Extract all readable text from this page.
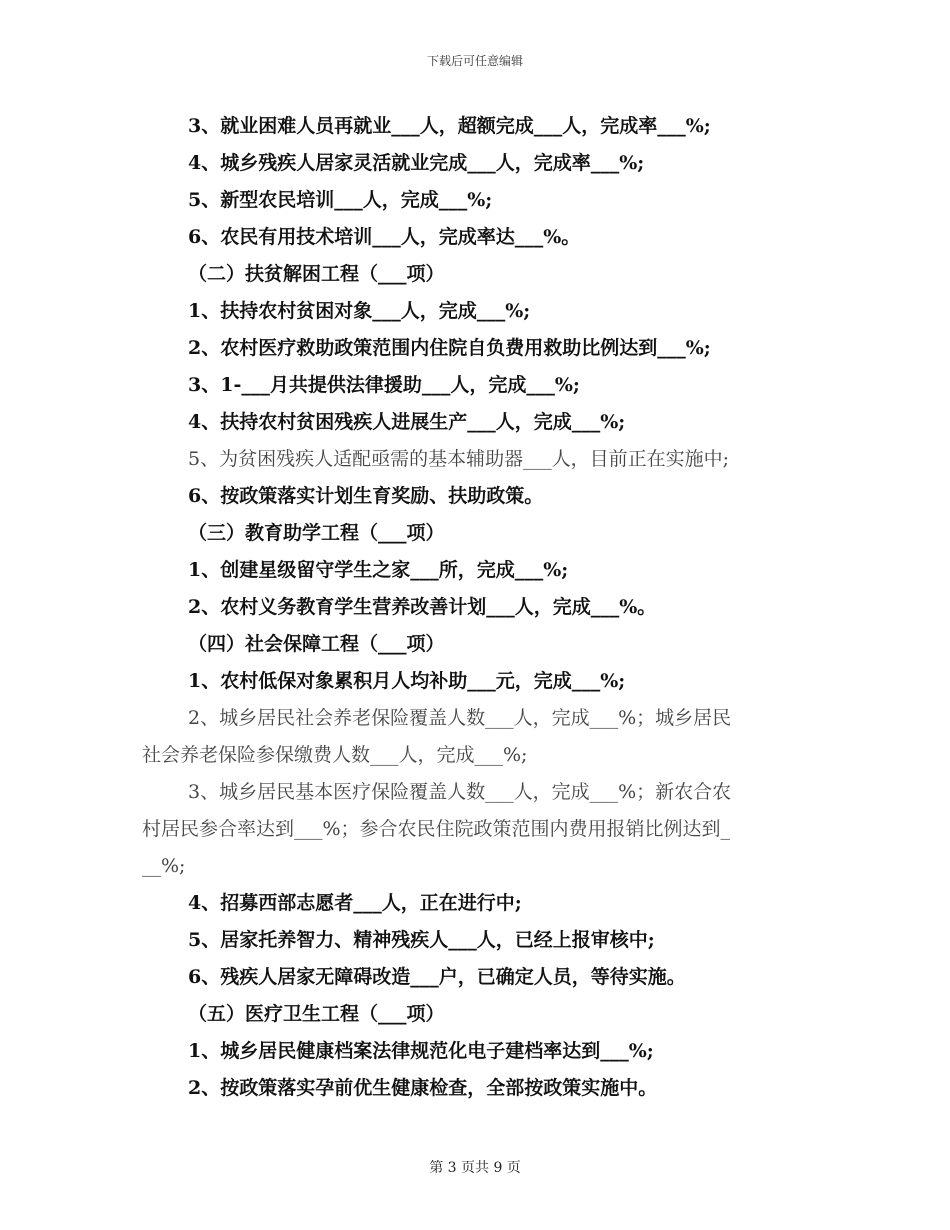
下载后可任意编辑
3、就业困难人员再就业___人，超额完成___人，完成率___%;
4、城乡残疾人居家灵活就业完成___人，完成率___%;
5、新型农民培训___人，完成___%;
6、农民有用技术培训___人，完成率达___%。
（二）扶贫解困工程（___项）
1、扶持农村贫困对象___人，完成___%;
2、农村医疗救助政策范围内住院自负费用救助比例达到___%;
3、1-___月共提供法律援助___人，完成___%;
4、扶持农村贫困残疾人进展生产___人，完成___%;
5、为贫困残疾人适配亟需的基本辅助器___人，目前正在实施中;
6、按政策落实计划生育奖励、扶助政策。
（三）教育助学工程（___项）
1、创建星级留守学生之家___所，完成___%;
2、农村义务教育学生营养改善计划___人，完成___%。
（四）社会保障工程（___项）
1、农村低保对象累积月人均补助___元，完成___%;
2、城乡居民社会养老保险覆盖人数___人，完成___%；城乡居民
社会养老保险参保缴费人数___人，完成___%;
3、城乡居民基本医疗保险覆盖人数___人，完成___%；新农合农
村居民参合率达到___%；参合农民住院政策范围内费用报销比例达到_
__%;
4、招募西部志愿者___人，正在进行中;
5、居家托养智力、精神残疾人___人，已经上报审核中;
6、残疾人居家无障碍改造___户，已确定人员，等待实施。
（五）医疗卫生工程（___项）
1、城乡居民健康档案法律规范化电子建档率达到___%;
2、按政策落实孕前优生健康检查，全部按政策实施中。
第 3 页共 9 页
